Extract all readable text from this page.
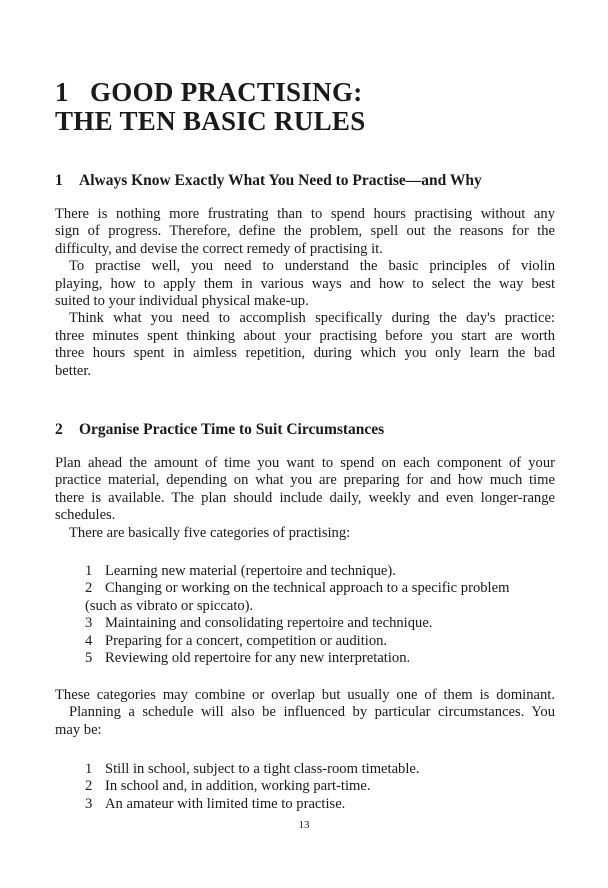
1 GOOD PRACTISING:
THE TEN BASIC RULES
1 Always Know Exactly What You Need to Practise—and Why
There is nothing more frustrating than to spend hours practising without any
sign of progress. Therefore, define the problem, spell out the reasons for the
difficulty, and devise the correct remedy of practising it.
To practise well, you need to understand the basic principles of violin
playing, how to apply them in various ways and how to select the way best
suited to your individual physical make-up.
Think what you need to accomplish specifically during the day's practice:
three minutes spent thinking about your practising before you start are worth
three hours spent in aimless repetition, during which you only learn the bad
better.
2 Organise Practice Time to Suit Circumstances
Plan ahead the amount of time you want to spend on each component of your
practice material, depending on what you are preparing for and how much time
there is available. The plan should include daily, weekly and even longer-range
schedules.
There are basically five categories of practising:
1 Learning new material (repertoire and technique).
2 Changing or working on the technical approach to a specific problem
(such as vibrato or spiccato).
3 Maintaining and consolidating repertoire and technique.
4 Preparing for a concert, competition or audition.
5 Reviewing old repertoire for any new interpretation.
These categories may combine or overlap but usually one of them is dominant.
Planning a schedule will also be influenced by particular circumstances. You
may be:
1 Still in school, subject to a tight class-room timetable.
2 In school and, in addition, working part-time.
3 An amateur with limited time to practise.
13
